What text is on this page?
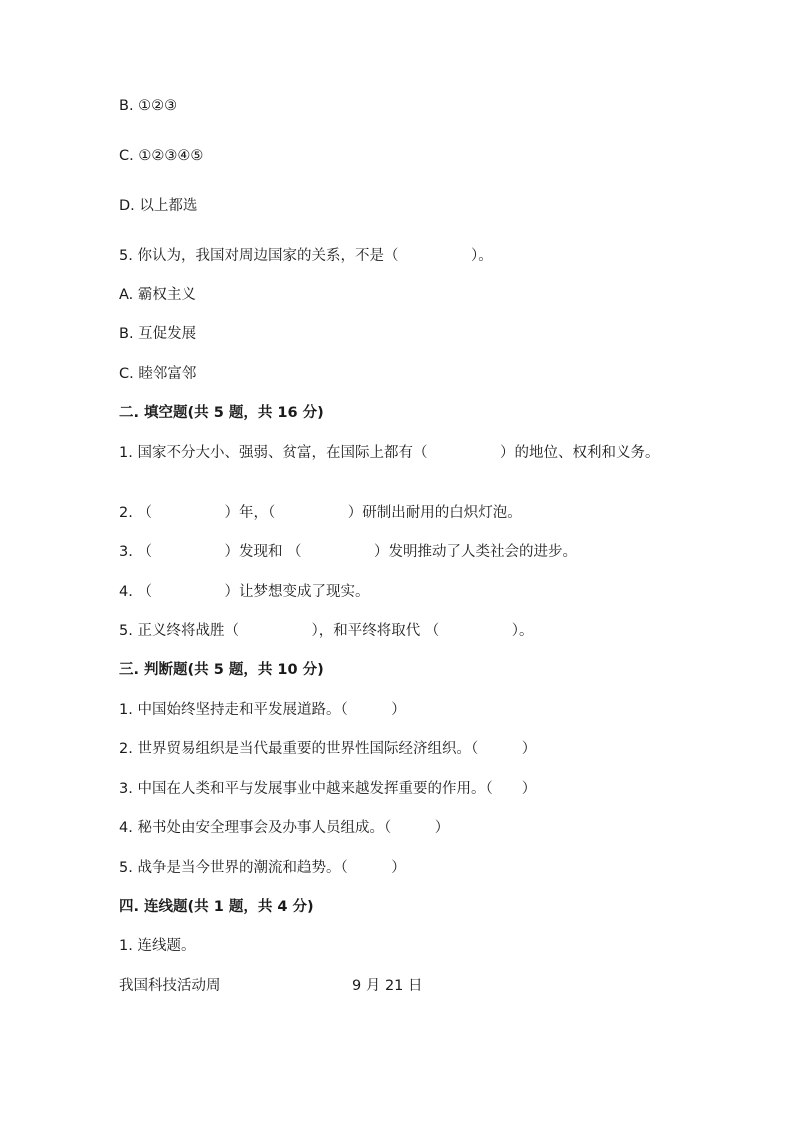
B. ①②③
C. ①②③④⑤
D. 以上都选
5. 你认为，我国对周边国家的关系，不是（　　　　　）。
A. 霸权主义
B. 互促发展
C. 睦邻富邻
二. 填空题(共 5 题，共 16 分)
1. 国家不分大小、强弱、贫富，在国际上都有（　　　　　）的地位、权利和义务。
2. （　　　　　）年，（　　　　　）研制出耐用的白炽灯泡。
3. （　　　　　）发现和 （　　　　　）发明推动了人类社会的进步。
4. （　　　　　）让梦想变成了现实。
5. 正义终将战胜（　　　　　），和平终将取代 （　　　　　）。
三. 判断题(共 5 题，共 10 分)
1. 中国始终坚持走和平发展道路。（　　　）
2. 世界贸易组织是当代最重要的世界性国际经济组织。（　　　）
3. 中国在人类和平与发展事业中越来越发挥重要的作用。（　　）
4. 秘书处由安全理事会及办事人员组成。（　　　）
5. 战争是当今世界的潮流和趋势。（　　　）
四. 连线题(共 1 题，共 4 分)
1. 连线题。
我国科技活动周	9 月 21 日
